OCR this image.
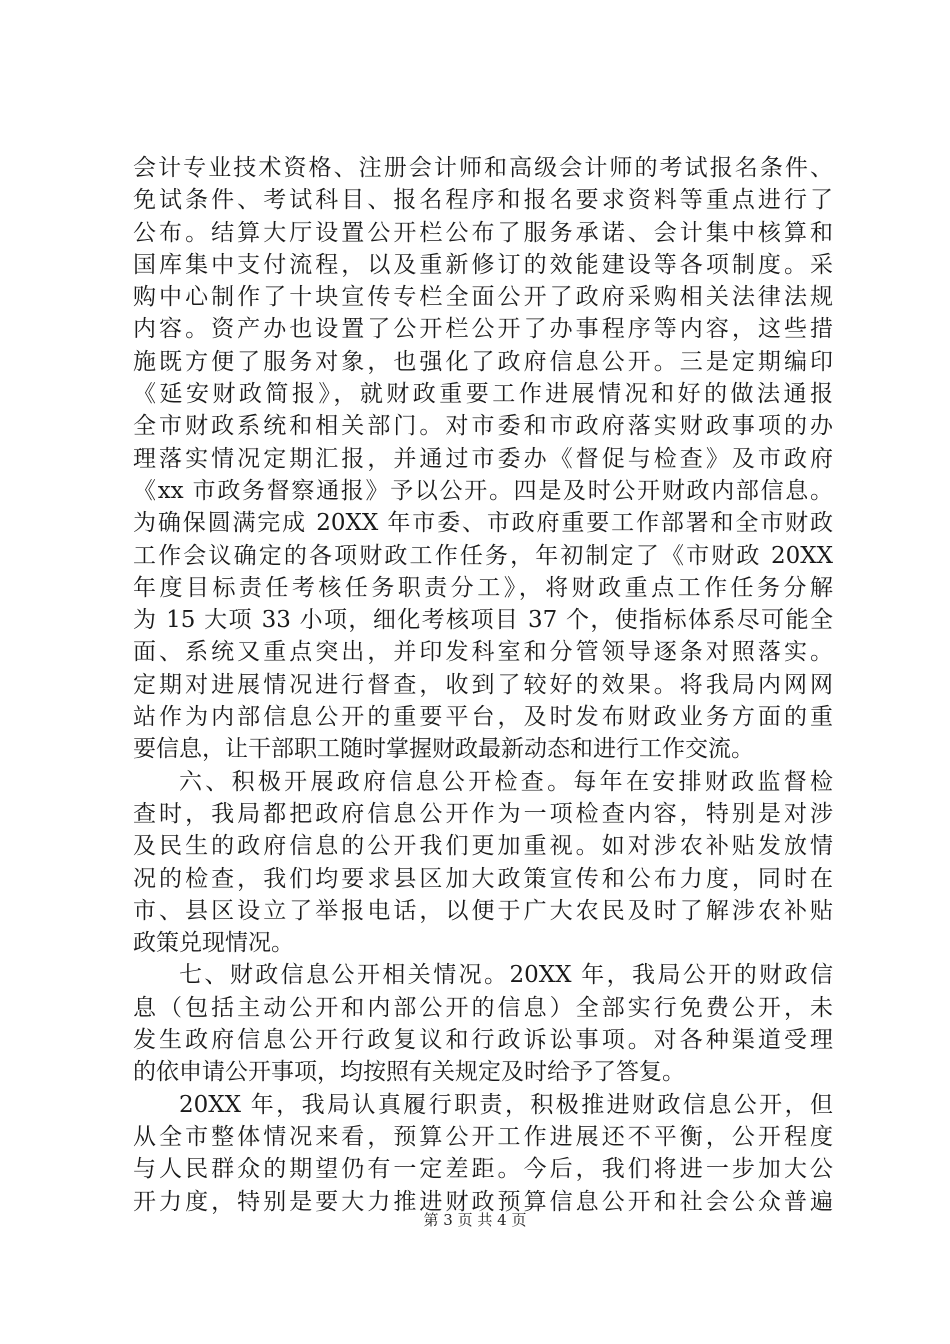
会计专业技术资格、注册会计师和高级会计师的考试报名条件、
免试条件、考试科目、报名程序和报名要求资料等重点进行了
公布。结算大厅设置公开栏公布了服务承诺、会计集中核算和
国库集中支付流程，以及重新修订的效能建设等各项制度。采
购中心制作了十块宣传专栏全面公开了政府采购相关法律法规
内容。资产办也设置了公开栏公开了办事程序等内容，这些措
施既方便了服务对象，也强化了政府信息公开。三是定期编印
《延安财政简报》，就财政重要工作进展情况和好的做法通报
全市财政系统和相关部门。对市委和市政府落实财政事项的办
理落实情况定期汇报，并通过市委办《督促与检查》及市政府
《xx 市政务督察通报》予以公开。四是及时公开财政内部信息。
为确保圆满完成 20XX 年市委、市政府重要工作部署和全市财政
工作会议确定的各项财政工作任务，年初制定了《市财政 20XX
年度目标责任考核任务职责分工》，将财政重点工作任务分解
为 15 大项 33 小项，细化考核项目 37 个，使指标体系尽可能全
面、系统又重点突出，并印发科室和分管领导逐条对照落实。
定期对进展情况进行督查，收到了较好的效果。将我局内网网
站作为内部信息公开的重要平台，及时发布财政业务方面的重
要信息，让干部职工随时掌握财政最新动态和进行工作交流。
六、积极开展政府信息公开检查。每年在安排财政监督检
查时，我局都把政府信息公开作为一项检查内容，特别是对涉
及民生的政府信息的公开我们更加重视。如对涉农补贴发放情
况的检查，我们均要求县区加大政策宣传和公布力度，同时在
市、县区设立了举报电话，以便于广大农民及时了解涉农补贴
政策兑现情况。
七、财政信息公开相关情况。20XX 年，我局公开的财政信
息（包括主动公开和内部公开的信息）全部实行免费公开，未
发生政府信息公开行政复议和行政诉讼事项。对各种渠道受理
的依申请公开事项，均按照有关规定及时给予了答复。
20XX 年，我局认真履行职责，积极推进财政信息公开，但
从全市整体情况来看，预算公开工作进展还不平衡，公开程度
与人民群众的期望仍有一定差距。今后，我们将进一步加大公
开力度，特别是要大力推进财政预算信息公开和社会公众普遍
第 3 页 共 4 页
